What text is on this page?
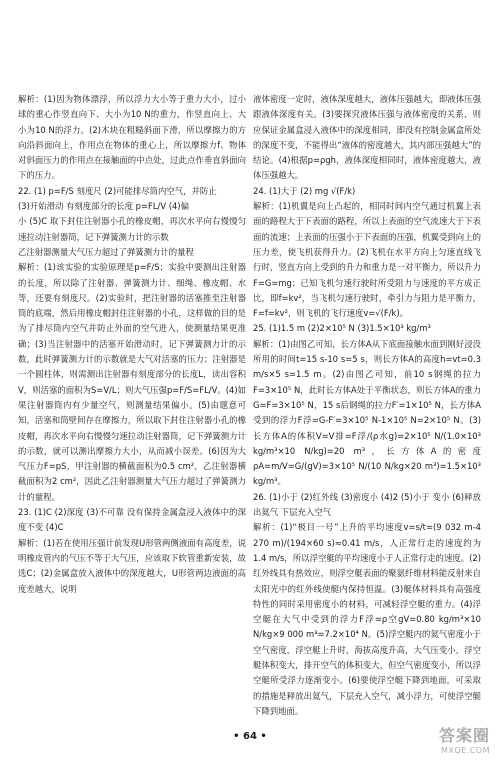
解析：(1)因为物体漂浮，所以浮力大小等于重力大小，过小球的重心作竖直向下、大小为10 N的重力，作竖直向上、大小为10 N的浮力。(2)木块在粗糙斜面下滑，所以摩擦力的方向沿斜面向上，作用点在物体的重心上，所以摩擦力f、物体对斜面压力的作用点在接触面的中点处，过此点作垂直斜面向下的压力。

22. (1) p=F/S 刻度尺 (2)可能排尽筒内空气，并防止

(3)开始滑动 有刻度部分的长度 p=FL/V (4)偏

小 (5)C 取下封住注射器小孔的橡皮帽，再次水平向右慢慢匀速拉动注射器筒，记下弹簧测力计的示数

乙注射器测量大气压力超过了弹簧测力计的量程

解析：(1)该实验的实验原理是p=F/S；实验中要测出注射器的长度，所以除了注射器、弹簧测力计、细绳、橡皮帽、水等，还要有刻度尺。(2)实验时，把注射器的活塞推至注射器筒的底端，然后用橡皮帽封住注射器的小孔，这样做的目的是为了排尽筒内空气并防止外面的空气进入，使测量结果更准确；(3)当注射器中的活塞开始滑动时，记下弹簧测力计的示数，此时弹簧测力计的示数就是大气对活塞的压力；注射器是一个圆柱体，则需测出注射器有刻度部分的长度L，读出容积V，则活塞的面积为S=V/L；则大气压强p=F/S=FL/V。(4)如果注射器筒内有少量空气，则测量结果偏小。(5)由题意可知，活塞和筒壁间存在摩擦力，所以取下封住注射器小孔的橡皮帽，再次水平向右慢慢匀速拉动注射器筒，记下弹簧测力计的示数，就可以测出摩擦力大小，从而减小误差。(6)因为大气压力F=pS，甲注射器的横截面积为0.5 cm²，乙注射器横截面积为2 cm²，因此乙注射器测量大气压力超过了弹簧测力计的量程。

23. (1)C (2)深度 (3)不可靠 没有保持金属盒浸入液体中的深度不变 (4)C

解析：(1)若在使用压强计前发现U形管两侧液面有高度差，说明橡皮管内的气压不等于大气压，应该取下软管重新安装，故选C；(2)金属盒放入液体中的深度越大，U形管两边液面的高度差越大，说明

液体密度一定时，液体深度越大，液体压强越大，即液体压强跟液体深度有关。(3)要探究液体压强与液体密度的关系，则应保证金属盒浸入液体中的深度相同，即没有控制金属盒所处的深度不变，不能得出“液体的密度越大，其内部压强越大”的结论。(4)根据p=ρgh，液体深度相同时，液体密度越大，液体压强越大。

24. (1)大于 (2) mg √(F/k)

解析：(1)机翼是向上凸起的，相同时间内空气通过机翼上表面的路程大于下表面的路程，所以上表面的空气流速大于下表面的流速；上表面的压强小于下表面的压强，机翼受到向上的压力差，使飞机获得升力。(2)飞机在水平方向上匀速直线飞行时，竖直方向上受到的升力和重力是一对平衡力，所以升力F=G=mg；已知飞机匀速行驶时所受阻力与速度的平方成正比，即f=kv²，当飞机匀速行驶时，牵引力与阻力是平衡力，F=f=kv²，则飞机的飞行速度v=√(F/k)。

25. (1)1.5 m (2)2×10⁵ N (3)1.5×10³ kg/m³

解析：(1)由图乙可知，长方体A从下底面接触水面到刚好浸没所用的时间t=15 s-10 s=5 s，则长方体A的高度h=vt=0.3 m/s×5 s=1.5 m。(2)由图乙可知，前10 s钢绳的拉力F=3×10⁵ N，此时长方体A处于平衡状态，则长方体A的重力G=F=3×10⁵ N，15 s后钢绳的拉力F′=1×10⁵ N，长方体A受到的浮力F浮=G-F′=3×10⁵ N-1×10⁵ N=2×10⁵ N。(3)长方体A的体积V=V排=F浮/(ρ水g)=2×10⁵ N/(1.0×10³ kg/m³×10 N/kg)=20 m³，长方体A的密度ρA=m/V=G/(gV)=3×10⁵ N/(10 N/kg×20 m³)=1.5×10³ kg/m³。

26. (1)小于 (2)红外线 (3)密度小 (4)2 (5)小于 变小 (6)释放出氦气 下层充入空气

解析：(1)“极目一号”上升的平均速度v=s/t=(9 032 m-4 270 m)/(194×60 s)≈0.41 m/s，人正常行走的速度约为1.4 m/s，所以浮空艇的平均速度小于人正常行走的速度。(2)红外线具有热效应，则浮空艇表面的聚氨纤维材料能反射来自太阳光中的红外线使艇内保持恒温。(3)艇体材料具有高强度特性的同时采用密度小的材料，可减轻浮空艇的重力。(4)浮空艇在大气中受到的浮力F浮=ρ空gV=0.80 kg/m³×10 N/kg×9 000 m³=7.2×10⁴ N。(5)浮空艇内的氦气密度小于空气密度，浮空艇上升时，海拔高度升高，大气压变小，浮空艇体积变大，排开空气的体积变大，但空气密度变小，所以浮空艇所受浮力逐渐变小。(6)要使浮空艇下降到地面，可采取的措施是释放出氦气，下层充入空气，减小浮力，可使浮空艇下降到地面。

• 64 •	答案圈
MXQE.COM
